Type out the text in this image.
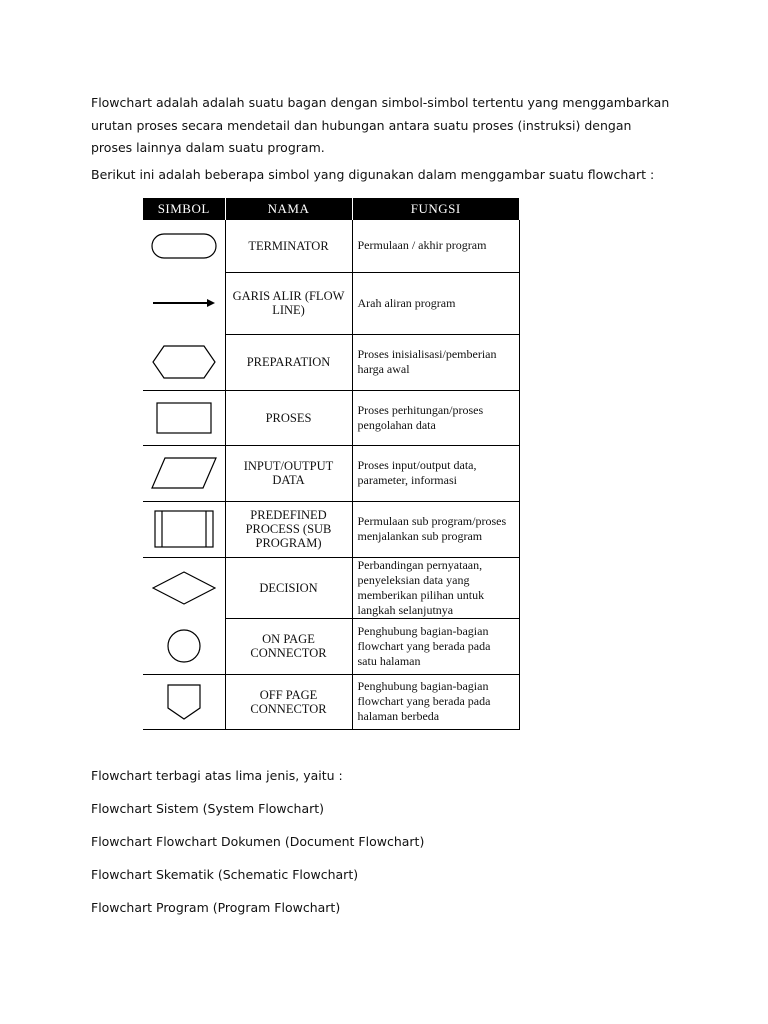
Flowchart adalah adalah suatu bagan dengan simbol-simbol tertentu yang menggambarkan urutan proses secara mendetail dan hubungan antara suatu proses (instruksi) dengan proses lainnya dalam suatu program.

Berikut ini adalah beberapa simbol yang digunakan dalam menggambar suatu flowchart :

SIMBOL	NAMA	FUNGSI

	TERMINATOR	Permulaan / akhir program

	GARIS ALIR (FLOW LINE)	Arah aliran program

	PREPARATION	Proses inisialisasi/pemberian harga awal

	PROSES	Proses perhitungan/proses pengolahan data

	INPUT/OUTPUT DATA	Proses input/output data, parameter, informasi

	PREDEFINED PROCESS (SUB PROGRAM)	Permulaan sub program/proses menjalankan sub program

	DECISION	Perbandingan pernyataan, penyeleksian data yang memberikan pilihan untuk langkah selanjutnya

	ON PAGE CONNECTOR	Penghubung bagian-bagian flowchart yang berada pada satu halaman

	OFF PAGE CONNECTOR	Penghubung bagian-bagian flowchart yang berada pada halaman berbeda

Flowchart terbagi atas lima jenis, yaitu :

Flowchart Sistem (System Flowchart)

Flowchart Flowchart Dokumen (Document Flowchart)

Flowchart Skematik (Schematic Flowchart)

Flowchart Program (Program Flowchart)
